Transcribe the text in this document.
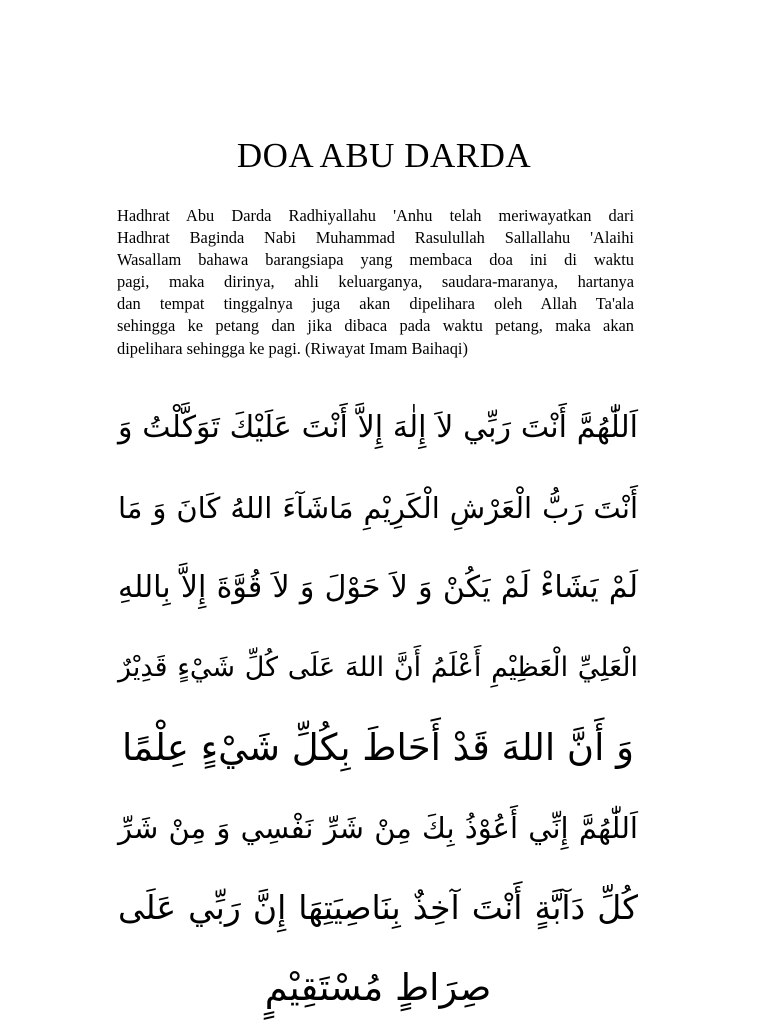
DOA ABU DARDA
Hadhrat Abu Darda Radhiyallahu 'Anhu telah meriwayatkan dari
Hadhrat Baginda Nabi Muhammad Rasulullah Sallallahu 'Alaihi
Wasallam bahawa barangsiapa yang membaca doa ini di waktu
pagi, maka dirinya, ahli keluarganya, saudara-maranya, hartanya
dan tempat tinggalnya juga akan dipelihara oleh Allah Ta'ala
sehingga ke petang dan jika dibaca pada waktu petang, maka akan
dipelihara sehingga ke pagi. (Riwayat Imam Baihaqi)
اَللّٰهُمَّ أَنْتَ رَبِّي لاَ إِلٰهَ إِلاَّ أَنْتَ عَلَيْكَ تَوَكَّلْتُ وَ
أَنْتَ رَبُّ الْعَرْشِ الْكَرِيْمِ مَاشَآءَ اللهُ كَانَ وَ مَا
لَمْ يَشَاءْ لَمْ يَكُنْ وَ لاَ حَوْلَ وَ لاَ قُوَّةَ إِلاَّ بِاللهِ
الْعَلِيِّ الْعَظِيْمِ أَعْلَمُ أَنَّ اللهَ عَلَى كُلِّ شَيْءٍ قَدِيْرٌ
وَ أَنَّ اللهَ قَدْ أَحَاطَ بِكُلِّ شَيْءٍ عِلْمًا
اَللّٰهُمَّ إِنِّي أَعُوْذُ بِكَ مِنْ شَرِّ نَفْسِي وَ مِنْ شَرِّ
كُلِّ دَآبَّةٍ أَنْتَ آخِذٌ بِنَاصِيَتِهَا إِنَّ رَبِّي عَلَى
صِرَاطٍ مُسْتَقِيْمٍ
